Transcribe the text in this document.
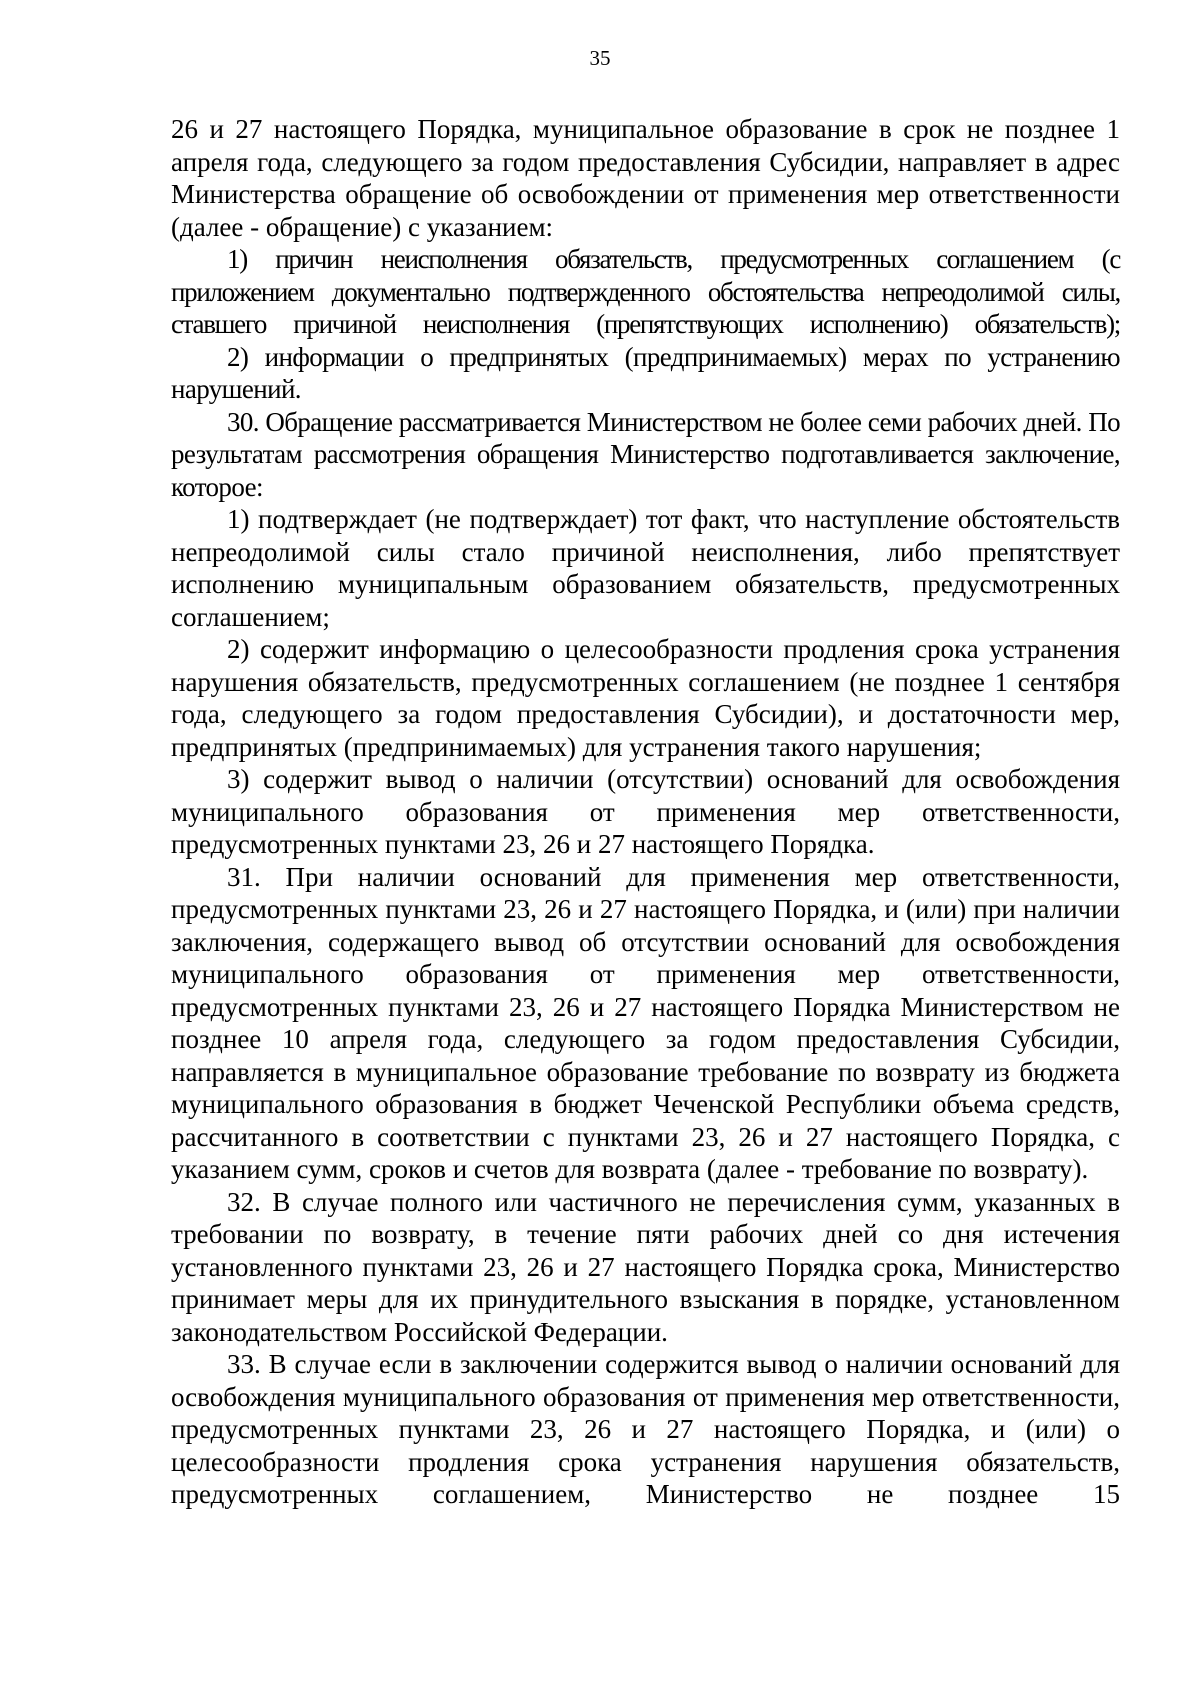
35

26 и 27 настоящего Порядка, муниципальное образование в срок не позднее 1 апреля года, следующего за годом предоставления Субсидии, направляет в адрес Министерства обращение об освобождении от применения мер ответственности (далее - обращение) с указанием:

1) причин неисполнения обязательств, предусмотренных соглашением (с приложением документально подтвержденного обстоятельства непреодолимой силы, ставшего причиной неисполнения (препятствующих исполнению) обязательств);

2) информации о предпринятых (предпринимаемых) мерах по устранению нарушений.

30. Обращение рассматривается Министерством не более семи рабочих дней. По результатам рассмотрения обращения Министерство подготавливается заключение, которое:

1) подтверждает (не подтверждает) тот факт, что наступление обстоятельств непреодолимой силы стало причиной неисполнения, либо препятствует исполнению муниципальным образованием обязательств, предусмотренных соглашением;

2) содержит информацию о целесообразности продления срока устранения нарушения обязательств, предусмотренных соглашением (не позднее 1 сентября года, следующего за годом предоставления Субсидии), и достаточности мер, предпринятых (предпринимаемых) для устранения такого нарушения;

3) содержит вывод о наличии (отсутствии) оснований для освобождения муниципального образования от применения мер ответственности, предусмотренных пунктами 23, 26 и 27 настоящего Порядка.

31. При наличии оснований для применения мер ответственности, предусмотренных пунктами 23, 26 и 27 настоящего Порядка, и (или) при наличии заключения, содержащего вывод об отсутствии оснований для освобождения муниципального образования от применения мер ответственности, предусмотренных пунктами 23, 26 и 27 настоящего Порядка Министерством не позднее 10 апреля года, следующего за годом предоставления Субсидии, направляется в муниципальное образование требование по возврату из бюджета муниципального образования в бюджет Чеченской Республики объема средств, рассчитанного в соответствии с пунктами 23, 26 и 27 настоящего Порядка, с указанием сумм, сроков и счетов для возврата (далее - требование по возврату).

32. В случае полного или частичного не перечисления сумм, указанных в требовании по возврату, в течение пяти рабочих дней со дня истечения установленного пунктами 23, 26 и 27 настоящего Порядка срока, Министерство принимает меры для их принудительного взыскания в порядке, установленном законодательством Российской Федерации.

33. В случае если в заключении содержится вывод о наличии оснований для освобождения муниципального образования от применения мер ответственности, предусмотренных пунктами 23, 26 и 27 настоящего Порядка, и (или) о целесообразности продления срока устранения нарушения обязательств, предусмотренных соглашением, Министерство не позднее 15
